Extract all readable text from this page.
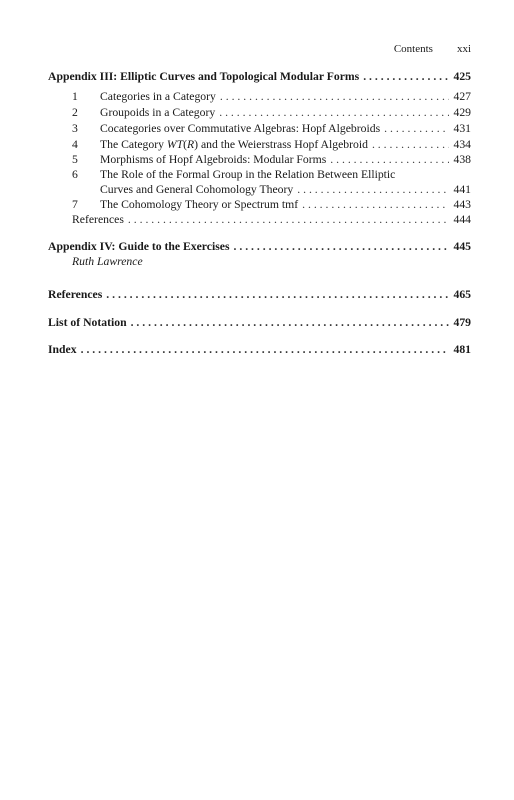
Contents xxi
Appendix III: Elliptic Curves and Topological Modular Forms . . .	425
1	Categories in a Category . . .	427
2	Groupoids in a Category . . .	429
3	Cocategories over Commutative Algebras: Hopf Algebroids . . .	431
4	The Category WT(R) and the Weierstrass Hopf Algebroid . . .	434
5	Morphisms of Hopf Algebroids: Modular Forms . . .	438
6	The Role of the Formal Group in the Relation Between Elliptic
Curves and General Cohomology Theory . . .	441
7	The Cohomology Theory or Spectrum tmf . . .	443
References . . .	444
Appendix IV: Guide to the Exercises . . .	445
Ruth Lawrence
References . . .	465
List of Notation . . .	479
Index . . .	481
